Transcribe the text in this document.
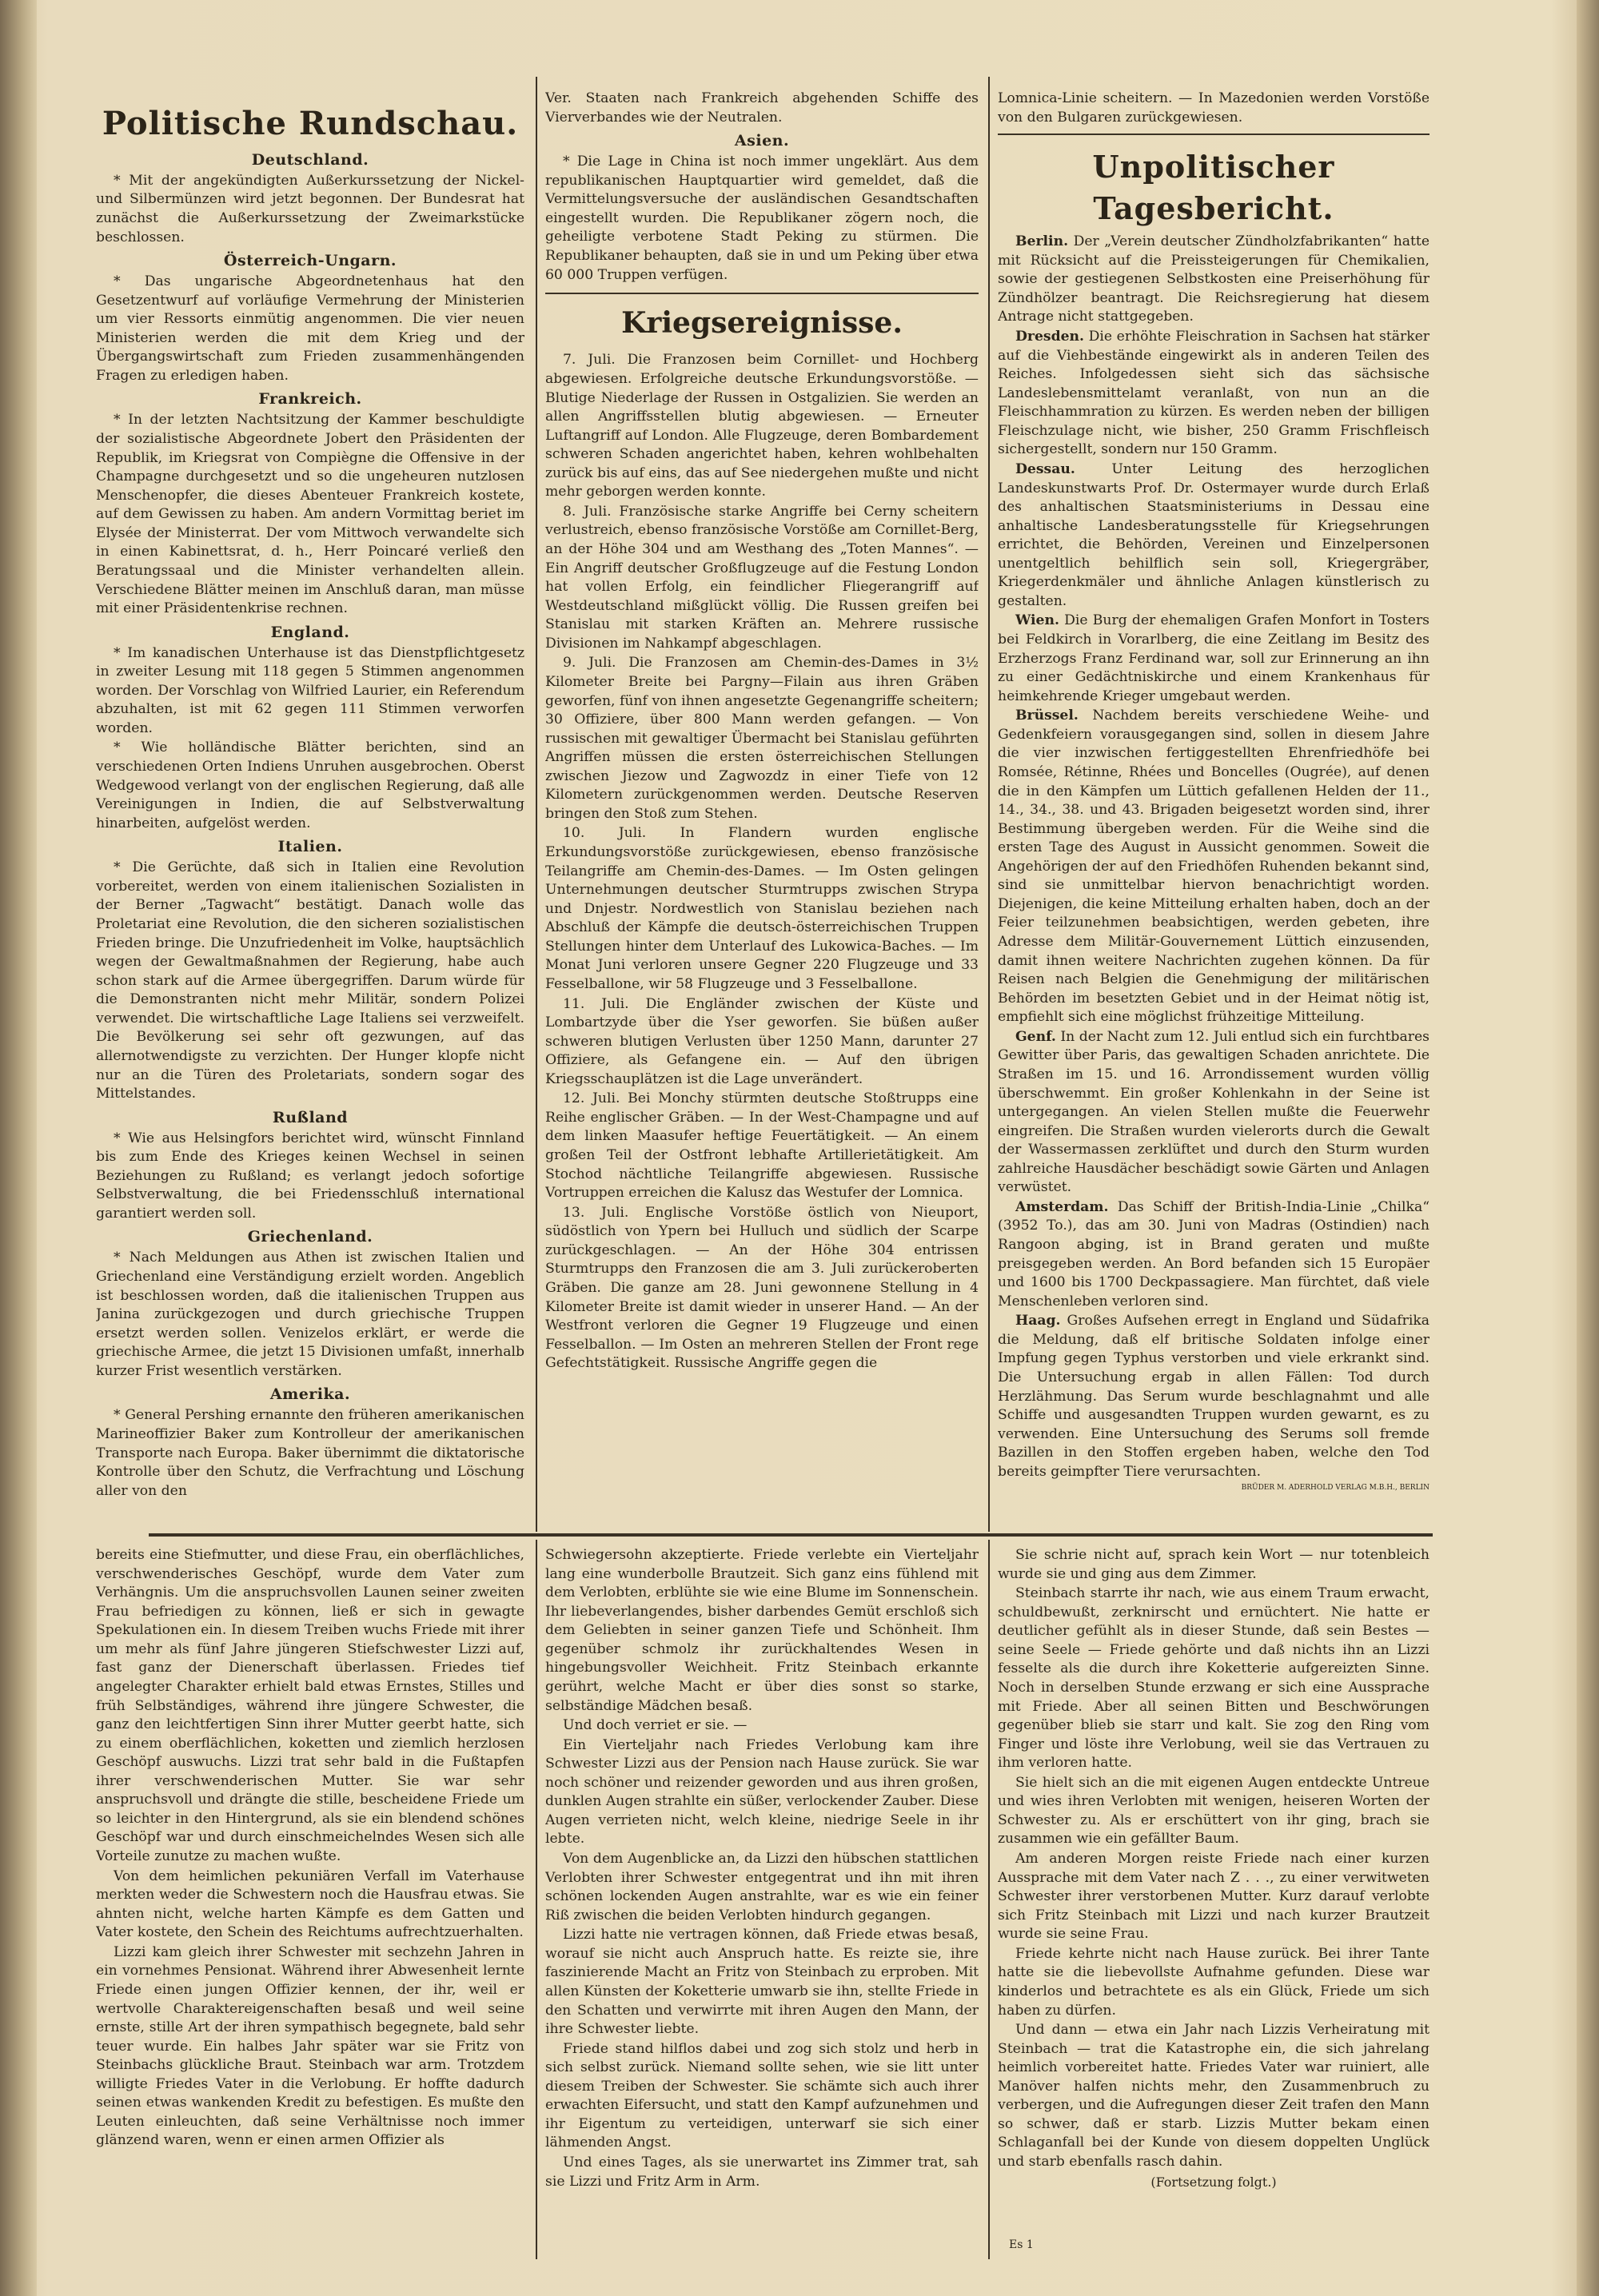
Politische Rundschau.
Deutschland.

* Mit der angekündigten Außerkurssetzung der Nickel- und Silbermünzen wird jetzt begonnen. Der Bundesrat hat zunächst die Außerkurssetzung der Zweimarkstücke beschlossen.

Österreich-Ungarn.

* Das ungarische Abgeordnetenhaus hat den Gesetzentwurf auf vorläufige Vermehrung der Ministerien um vier Ressorts einmütig angenommen. Die vier neuen Ministerien werden die mit dem Krieg und der Übergangswirtschaft zum Frieden zusammenhängenden Fragen zu erledigen haben.

Frankreich.

* In der letzten Nachtsitzung der Kammer beschuldigte der sozialistische Abgeordnete Jobert den Präsidenten der Republik, im Kriegsrat von Compiègne die Offensive in der Champagne durchgesetzt und so die ungeheuren nutzlosen Menschenopfer, die dieses Abenteuer Frankreich kostete, auf dem Gewissen zu haben. Am andern Vormittag beriet im Elysée der Ministerrat. Der vom Mittwoch verwandelte sich in einen Kabinettsrat, d. h., Herr Poincaré verließ den Beratungssaal und die Minister verhandelten allein. Verschiedene Blätter meinen im Anschluß daran, man müsse mit einer Präsidentenkrise rechnen.

England.

* Im kanadischen Unterhause ist das Dienstpflichtgesetz in zweiter Lesung mit 118 gegen 5 Stimmen angenommen worden. Der Vorschlag von Wilfried Laurier, ein Referendum abzuhalten, ist mit 62 gegen 111 Stimmen verworfen worden.

* Wie holländische Blätter berichten, sind an verschiedenen Orten Indiens Unruhen ausgebrochen. Oberst Wedgewood verlangt von der englischen Regierung, daß alle Vereinigungen in Indien, die auf Selbstverwaltung hinarbeiten, aufgelöst werden.

Italien.

* Die Gerüchte, daß sich in Italien eine Revolution vorbereitet, werden von einem italienischen Sozialisten in der Berner „Tagwacht“ bestätigt. Danach wolle das Proletariat eine Revolution, die den sicheren sozialistischen Frieden bringe. Die Unzufriedenheit im Volke, hauptsächlich wegen der Gewaltmaßnahmen der Regierung, habe auch schon stark auf die Armee übergegriffen. Darum würde für die Demonstranten nicht mehr Militär, sondern Polizei verwendet. Die wirtschaftliche Lage Italiens sei verzweifelt. Die Bevölkerung sei sehr oft gezwungen, auf das allernotwendigste zu verzichten. Der Hunger klopfe nicht nur an die Türen des Proletariats, sondern sogar des Mittelstandes.

Rußland

* Wie aus Helsingfors berichtet wird, wünscht Finnland bis zum Ende des Krieges keinen Wechsel in seinen Beziehungen zu Rußland; es verlangt jedoch sofortige Selbstverwaltung, die bei Friedensschluß international garantiert werden soll.

Griechenland.

* Nach Meldungen aus Athen ist zwischen Italien und Griechenland eine Verständigung erzielt worden. Angeblich ist beschlossen worden, daß die italienischen Truppen aus Janina zurückgezogen und durch griechische Truppen ersetzt werden sollen. Venizelos erklärt, er werde die griechische Armee, die jetzt 15 Divisionen umfaßt, innerhalb kurzer Frist wesentlich verstärken.

Amerika.

* General Pershing ernannte den früheren amerikanischen Marineoffizier Baker zum Kontrolleur der amerikanischen Transporte nach Europa. Baker übernimmt die diktatorische Kontrolle über den Schutz, die Verfrachtung und Löschung aller von den

Ver. Staaten nach Frankreich abgehenden Schiffe des Vierverbandes wie der Neutralen.

Asien.

* Die Lage in China ist noch immer ungeklärt. Aus dem republikanischen Hauptquartier wird gemeldet, daß die Vermittelungsversuche der ausländischen Gesandtschaften eingestellt wurden. Die Republikaner zögern noch, die geheiligte verbotene Stadt Peking zu stürmen. Die Republikaner behaupten, daß sie in und um Peking über etwa 60 000 Truppen verfügen.

Kriegsereignisse.

7. Juli. Die Franzosen beim Cornillet- und Hochberg abgewiesen. Erfolgreiche deutsche Erkundungsvorstöße. — Blutige Niederlage der Russen in Ostgalizien. Sie werden an allen Angriffsstellen blutig abgewiesen. — Erneuter Luftangriff auf London. Alle Flugzeuge, deren Bombardement schweren Schaden angerichtet haben, kehren wohlbehalten zurück bis auf eins, das auf See niedergehen mußte und nicht mehr geborgen werden konnte.

8. Juli. Französische starke Angriffe bei Cerny scheitern verlustreich, ebenso französische Vorstöße am Cornillet-Berg, an der Höhe 304 und am Westhang des „Toten Mannes“. — Ein Angriff deutscher Großflugzeuge auf die Festung London hat vollen Erfolg, ein feindlicher Fliegerangriff auf Westdeutschland mißglückt völlig. Die Russen greifen bei Stanislau mit starken Kräften an. Mehrere russische Divisionen im Nahkampf abgeschlagen.

9. Juli. Die Franzosen am Chemin-des-Dames in 3½ Kilometer Breite bei Pargny—Filain aus ihren Gräben geworfen, fünf von ihnen angesetzte Gegenangriffe scheitern; 30 Offiziere, über 800 Mann werden gefangen. — Von russischen mit gewaltiger Übermacht bei Stanislau geführten Angriffen müssen die ersten österreichischen Stellungen zwischen Jiezow und Zagwozdz in einer Tiefe von 12 Kilometern zurückgenommen werden. Deutsche Reserven bringen den Stoß zum Stehen.

10. Juli. In Flandern wurden englische Erkundungsvorstöße zurückgewiesen, ebenso französische Teilangriffe am Chemin-des-Dames. — Im Osten gelingen Unternehmungen deutscher Sturmtrupps zwischen Strypa und Dnjestr. Nordwestlich von Stanislau beziehen nach Abschluß der Kämpfe die deutsch-österreichischen Truppen Stellungen hinter dem Unterlauf des Lukowica-Baches. — Im Monat Juni verloren unsere Gegner 220 Flugzeuge und 33 Fesselballone, wir 58 Flugzeuge und 3 Fesselballone.

11. Juli. Die Engländer zwischen der Küste und Lombartzyde über die Yser geworfen. Sie büßen außer schweren blutigen Verlusten über 1250 Mann, darunter 27 Offiziere, als Gefangene ein. — Auf den übrigen Kriegsschauplätzen ist die Lage unverändert.

12. Juli. Bei Monchy stürmten deutsche Stoßtrupps eine Reihe englischer Gräben. — In der West-Champagne und auf dem linken Maasufer heftige Feuertätigkeit. — An einem großen Teil der Ostfront lebhafte Artillerietätigkeit. Am Stochod nächtliche Teilangriffe abgewiesen. Russische Vortruppen erreichen die Kalusz das Westufer der Lomnica.

13. Juli. Englische Vorstöße östlich von Nieuport, südöstlich von Ypern bei Hulluch und südlich der Scarpe zurückgeschlagen. — An der Höhe 304 entrissen Sturmtrupps den Franzosen die am 3. Juli zurückeroberten Gräben. Die ganze am 28. Juni gewonnene Stellung in 4 Kilometer Breite ist damit wieder in unserer Hand. — An der Westfront verloren die Gegner 19 Flugzeuge und einen Fesselballon. — Im Osten an mehreren Stellen der Front rege Gefechtstätigkeit. Russische Angriffe gegen die

Lomnica-Linie scheitern. — In Mazedonien werden Vorstöße von den Bulgaren zurückgewiesen.

Unpolitischer Tagesbericht.

Berlin. Der „Verein deutscher Zündholzfabrikanten“ hatte mit Rücksicht auf die Preissteigerungen für Chemikalien, sowie der gestiegenen Selbstkosten eine Preiserhöhung für Zündhölzer beantragt. Die Reichsregierung hat diesem Antrage nicht stattgegeben.

Dresden. Die erhöhte Fleischration in Sachsen hat stärker auf die Viehbestände eingewirkt als in anderen Teilen des Reiches. Infolgedessen sieht sich das sächsische Landeslebensmittelamt veranlaßt, von nun an die Fleischhammration zu kürzen. Es werden neben der billigen Fleischzulage nicht, wie bisher, 250 Gramm Frischfleisch sichergestellt, sondern nur 150 Gramm.

Dessau.	Unter Leitung des herzoglichen Landeskunstwarts Prof. Dr. Ostermayer wurde durch Erlaß des anhaltischen Staatsministeriums in Dessau eine anhaltische Landesberatungsstelle für Kriegsehrungen errichtet, die Behörden, Vereinen und Einzelpersonen unentgeltlich behilflich sein soll, Kriegergräber, Kriegerdenkmäler und ähnliche Anlagen künstlerisch zu gestalten.

Wien. Die Burg der ehemaligen Grafen Monfort in Tosters bei Feldkirch in Vorarlberg, die eine Zeitlang im Besitz des Erzherzogs Franz Ferdinand war, soll zur Erinnerung an ihn zu einer Gedächtniskirche und einem Krankenhaus für heimkehrende Krieger umgebaut werden.

Brüssel. Nachdem bereits verschiedene Weihe- und Gedenkfeiern vorausgegangen sind, sollen in diesem Jahre die vier inzwischen fertiggestellten Ehrenfriedhöfe bei Romsée, Rétinne, Rhées und Boncelles (Ougrée), auf denen die in den Kämpfen um Lüttich gefallenen Helden der 11., 14., 34., 38. und 43. Brigaden beigesetzt worden sind, ihrer Bestimmung übergeben werden. Für die Weihe sind die ersten Tage des August in Aussicht genommen. Soweit die Angehörigen der auf den Friedhöfen Ruhenden bekannt sind, sind sie unmittelbar hiervon benachrichtigt worden. Diejenigen, die keine Mitteilung erhalten haben, doch an der Feier teilzunehmen beabsichtigen, werden gebeten, ihre Adresse dem Militär-Gouvernement Lüttich einzusenden, damit ihnen weitere Nachrichten zugehen können. Da für Reisen nach Belgien die Genehmigung der militärischen Behörden im besetzten Gebiet und in der Heimat nötig ist, empfiehlt sich eine möglichst frühzeitige Mitteilung.

Genf. In der Nacht zum 12. Juli entlud sich ein furchtbares Gewitter über Paris, das gewaltigen Schaden anrichtete. Die Straßen im 15. und 16. Arrondissement wurden völlig überschwemmt. Ein großer Kohlenkahn in der Seine ist untergegangen. An vielen Stellen mußte die Feuerwehr eingreifen. Die Straßen wurden vielerorts durch die Gewalt der Wassermassen zerklüftet und durch den Sturm wurden zahlreiche Hausdächer beschädigt sowie Gärten und Anlagen verwüstet.

Amsterdam. Das Schiff der British-India-Linie „Chilka“ (3952 To.), das am 30. Juni von Madras (Ostindien) nach Rangoon abging, ist in Brand geraten und mußte preisgegeben werden. An Bord befanden sich 15 Europäer und 1600 bis 1700 Deckpassagiere. Man fürchtet, daß viele Menschenleben verloren sind.

Haag. Großes Aufsehen erregt in England und Südafrika die Meldung, daß elf britische Soldaten infolge einer Impfung gegen Typhus verstorben und viele erkrankt sind. Die Untersuchung ergab in allen Fällen: Tod durch Herzlähmung. Das Serum wurde beschlagnahmt und alle Schiffe und ausgesandten Truppen wurden gewarnt, es zu verwenden. Eine Untersuchung des Serums soll fremde Bazillen in den Stoffen ergeben haben, welche den Tod bereits geimpfter Tiere verursachten.

BRÜDER M. ADERHOLD VERLAG M.B.H., BERLIN

bereits eine Stiefmutter, und diese Frau, ein oberflächliches, verschwenderisches Geschöpf, wurde dem Vater zum Verhängnis. Um die anspruchsvollen Launen seiner zweiten Frau befriedigen zu können, ließ er sich in gewagte Spekulationen ein. In diesem Treiben wuchs Friede mit ihrer um mehr als fünf Jahre jüngeren Stiefschwester Lizzi auf, fast ganz der Dienerschaft überlassen. Friedes tief angelegter Charakter erhielt bald etwas Ernstes, Stilles und früh Selbständiges, während ihre jüngere Schwester, die ganz den leichtfertigen Sinn ihrer Mutter geerbt hatte, sich zu einem oberflächlichen, koketten und ziemlich herzlosen Geschöpf auswuchs. Lizzi trat sehr bald in die Fußtapfen ihrer verschwenderischen Mutter. Sie war sehr anspruchsvoll und drängte die stille, bescheidene Friede um so leichter in den Hintergrund, als sie ein blendend schönes Geschöpf war und durch einschmeichelndes Wesen sich alle Vorteile zunutze zu machen wußte.

Von dem heimlichen pekuniären Verfall im Vaterhause merkten weder die Schwestern noch die Hausfrau etwas. Sie ahnten nicht, welche harten Kämpfe es dem Gatten und Vater kostete, den Schein des Reichtums aufrechtzuerhalten.

Lizzi kam gleich ihrer Schwester mit sechzehn Jahren in ein vornehmes Pensionat. Während ihrer Abwesenheit lernte Friede einen jungen Offizier kennen, der ihr, weil er wertvolle Charaktereigenschaften besaß und weil seine ernste, stille Art der ihren sympathisch begegnete, bald sehr teuer wurde. Ein halbes Jahr später war sie Fritz von Steinbachs glückliche Braut. Steinbach war arm. Trotzdem willigte Friedes Vater in die Verlobung. Er hoffte dadurch seinen etwas wankenden Kredit zu befestigen. Es mußte den Leuten einleuchten, daß seine Verhältnisse noch immer glänzend waren, wenn er einen armen Offizier als

Schwiegersohn akzeptierte. Friede verlebte ein Vierteljahr lang eine wunderbolle Brautzeit. Sich ganz eins fühlend mit dem Verlobten, erblühte sie wie eine Blume im Sonnenschein. Ihr liebeverlangendes, bisher darbendes Gemüt erschloß sich dem Geliebten in seiner ganzen Tiefe und Schönheit. Ihm gegenüber schmolz ihr zurückhaltendes Wesen in hingebungsvoller Weichheit. Fritz Steinbach erkannte gerührt, welche Macht er über dies sonst so starke, selbständige Mädchen besaß.

Und doch verriet er sie. —

Ein Vierteljahr nach Friedes Verlobung kam ihre Schwester Lizzi aus der Pension nach Hause zurück. Sie war noch schöner und reizender geworden und aus ihren großen, dunklen Augen strahlte ein süßer, verlockender Zauber. Diese Augen verrieten nicht, welch kleine, niedrige Seele in ihr lebte.

Von dem Augenblicke an, da Lizzi den hübschen stattlichen Verlobten ihrer Schwester entgegentrat und ihn mit ihren schönen lockenden Augen anstrahlte, war es wie ein feiner Riß zwischen die beiden Verlobten hindurch gegangen.

Lizzi hatte nie vertragen können, daß Friede etwas besaß, worauf sie nicht auch Anspruch hatte. Es reizte sie, ihre faszinierende Macht an Fritz von Steinbach zu erproben. Mit allen Künsten der Koketterie umwarb sie ihn, stellte Friede in den Schatten und verwirrte mit ihren Augen den Mann, der ihre Schwester liebte.

Friede stand hilflos dabei und zog sich stolz und herb in sich selbst zurück. Niemand sollte sehen, wie sie litt unter diesem Treiben der Schwester. Sie schämte sich auch ihrer erwachten Eifersucht, und statt den Kampf aufzunehmen und ihr Eigentum zu verteidigen, unterwarf sie sich einer lähmenden Angst.

Und eines Tages, als sie unerwartet ins Zimmer trat, sah sie Lizzi und Fritz Arm in Arm.

Sie schrie nicht auf, sprach kein Wort — nur totenbleich wurde sie und ging aus dem Zimmer.

Steinbach starrte ihr nach, wie aus einem Traum erwacht, schuldbewußt, zerknirscht und ernüchtert. Nie hatte er deutlicher gefühlt als in dieser Stunde, daß sein Bestes — seine Seele — Friede gehörte und daß nichts ihn an Lizzi fesselte als die durch ihre Koketterie aufgereizten Sinne. Noch in derselben Stunde erzwang er sich eine Aussprache mit Friede. Aber all seinen Bitten und Beschwörungen gegenüber blieb sie starr und kalt. Sie zog den Ring vom Finger und löste ihre Verlobung, weil sie das Vertrauen zu ihm verloren hatte.

Sie hielt sich an die mit eigenen Augen entdeckte Untreue und wies ihren Verlobten mit wenigen, heiseren Worten der Schwester zu. Als er erschüttert von ihr ging, brach sie zusammen wie ein gefällter Baum.

Am anderen Morgen reiste Friede nach einer kurzen Aussprache mit dem Vater nach Z . . ., zu einer verwitweten Schwester ihrer verstorbenen Mutter. Kurz darauf verlobte sich Fritz Steinbach mit Lizzi und nach kurzer Brautzeit wurde sie seine Frau.

Friede kehrte nicht nach Hause zurück. Bei ihrer Tante hatte sie die liebevollste Aufnahme gefunden. Diese war kinderlos und betrachtete es als ein Glück, Friede um sich haben zu dürfen.

Und dann — etwa ein Jahr nach Lizzis Verheiratung mit Steinbach — trat die Katastrophe ein, die sich jahrelang heimlich vorbereitet hatte. Friedes Vater war ruiniert, alle Manöver halfen nichts mehr, den Zusammenbruch zu verbergen, und die Aufregungen dieser Zeit trafen den Mann so schwer, daß er starb. Lizzis Mutter bekam einen Schlaganfall bei der Kunde von diesem doppelten Unglück und starb ebenfalls rasch dahin.

(Fortsetzung folgt.)
Es 1
